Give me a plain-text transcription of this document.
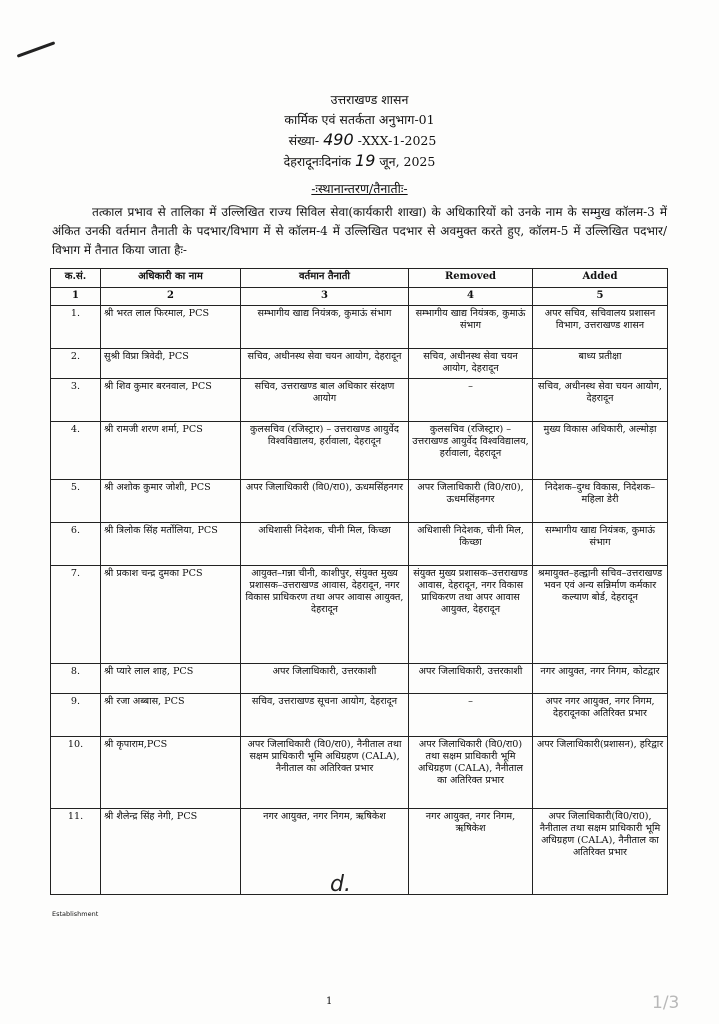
उत्तराखण्ड शासन
कार्मिक एवं सतर्कता अनुभाग-01
संख्या- 490 -XXX-1-2025
देहरादूनःदिनांक 19 जून, 2025
-ःस्थानान्तरण/तैनातीः-
तत्काल प्रभाव से तालिका में उल्लिखित राज्य सिविल सेवा(कार्यकारी शाखा) के अधिकारियों को उनके नाम के सम्मुख कॉलम-3 में अंकित उनकी वर्तमान तैनाती के पदभार/विभाग में से कॉलम-4 में उल्लिखित पदभार से अवमुक्त करते हुए, कॉलम-5 में उल्लिखित पदभार/विभाग में तैनात किया जाता हैः-
क.सं.	अधिकारी का नाम	वर्तमान तैनाती	Removed	Added
1	2	3	4	5
1.	श्री भरत लाल फिरमाल, PCS	सम्भागीय खाद्य नियंत्रक, कुमाऊं संभाग	सम्भागीय खाद्य नियंत्रक, कुमाऊं संभाग	अपर सचिव, सचिवालय प्रशासन विभाग, उत्तराखण्ड शासन
2.	सुश्री विप्रा त्रिवेदी, PCS	सचिव, अधीनस्थ सेवा चयन आयोग, देहरादून	सचिव, अधीनस्थ सेवा चयन आयोग, देहरादून	बाध्य प्रतीक्षा
3.	श्री शिव कुमार बरनवाल, PCS	सचिव, उत्तराखण्ड बाल अधिकार संरक्षण आयोग	–	सचिव, अधीनस्थ सेवा चयन आयोग, देहरादून
4.	श्री रामजी शरण शर्मा, PCS	कुलसचिव (रजिस्ट्रार) – उत्तराखण्ड आयुर्वेद विश्वविद्यालय, हर्रावाला, देहरादून	कुलसचिव (रजिस्ट्रार) – उत्तराखण्ड आयुर्वेद विश्वविद्यालय, हर्रावाला, देहरादून	मुख्य विकास अधिकारी, अल्मोड़ा
5.	श्री अशोक कुमार जोशी, PCS	अपर जिलाधिकारी (वि0/रा0), ऊधमसिंहनगर	अपर जिलाधिकारी (वि0/रा0), ऊधमसिंहनगर	निदेशक–दुग्ध विकास, निदेशक–महिला डेरी
6.	श्री त्रिलोक सिंह मर्तोलिया, PCS	अधिशासी निदेशक, चीनी मिल, किच्छा	अधिशासी निदेशक, चीनी मिल, किच्छा	सम्भागीय खाद्य नियंत्रक, कुमाऊं संभाग
7.	श्री प्रकाश चन्द्र दुमका PCS	आयुक्त–गन्ना चीनी, काशीपुर, संयुक्त मुख्य प्रशासक–उत्तराखण्ड आवास, देहरादून, नगर विकास प्राधिकरण तथा अपर आवास आयुक्त, देहरादून	संयुक्त मुख्य प्रशासक–उत्तराखण्ड आवास, देहरादून, नगर विकास प्राधिकरण तथा अपर आवास आयुक्त, देहरादून	श्रमायुक्त–हल्द्वानी सचिव–उत्तराखण्ड भवन एवं अन्य सन्निर्माण कर्मकार कल्याण बोर्ड, देहरादून
8.	श्री प्यारे लाल शाह, PCS	अपर जिलाधिकारी, उत्तरकाशी	अपर जिलाधिकारी, उत्तरकाशी	नगर आयुक्त, नगर निगम, कोटद्वार
9.	श्री रजा अब्बास, PCS	सचिव, उत्तराखण्ड सूचना आयोग, देहरादून	–	अपर नगर आयुक्त, नगर निगम, देहरादूनका अतिरिक्त प्रभार
10.	श्री कृपाराम,PCS	अपर जिलाधिकारी (वि0/रा0), नैनीताल तथा सक्षम प्राधिकारी भूमि अधिग्रहण (CALA), नैनीताल का अतिरिक्त प्रभार	अपर जिलाधिकारी (वि0/रा0) तथा सक्षम प्राधिकारी भूमि अधिग्रहण (CALA), नैनीताल का अतिरिक्त प्रभार	अपर जिलाधिकारी(प्रशासन), हरिद्वार
11.	श्री शैलेन्द्र सिंह नेगी, PCS	नगर आयुक्त, नगर निगम, ऋषिकेश	नगर आयुक्त, नगर निगम, ऋषिकेश	अपर जिलाधिकारी(वि0/रा0), नैनीताल तथा सक्षम प्राधिकारी भूमि अधिग्रहण (CALA), नैनीताल का अतिरिक्त प्रभार
d.
Establishment
1	1/3
